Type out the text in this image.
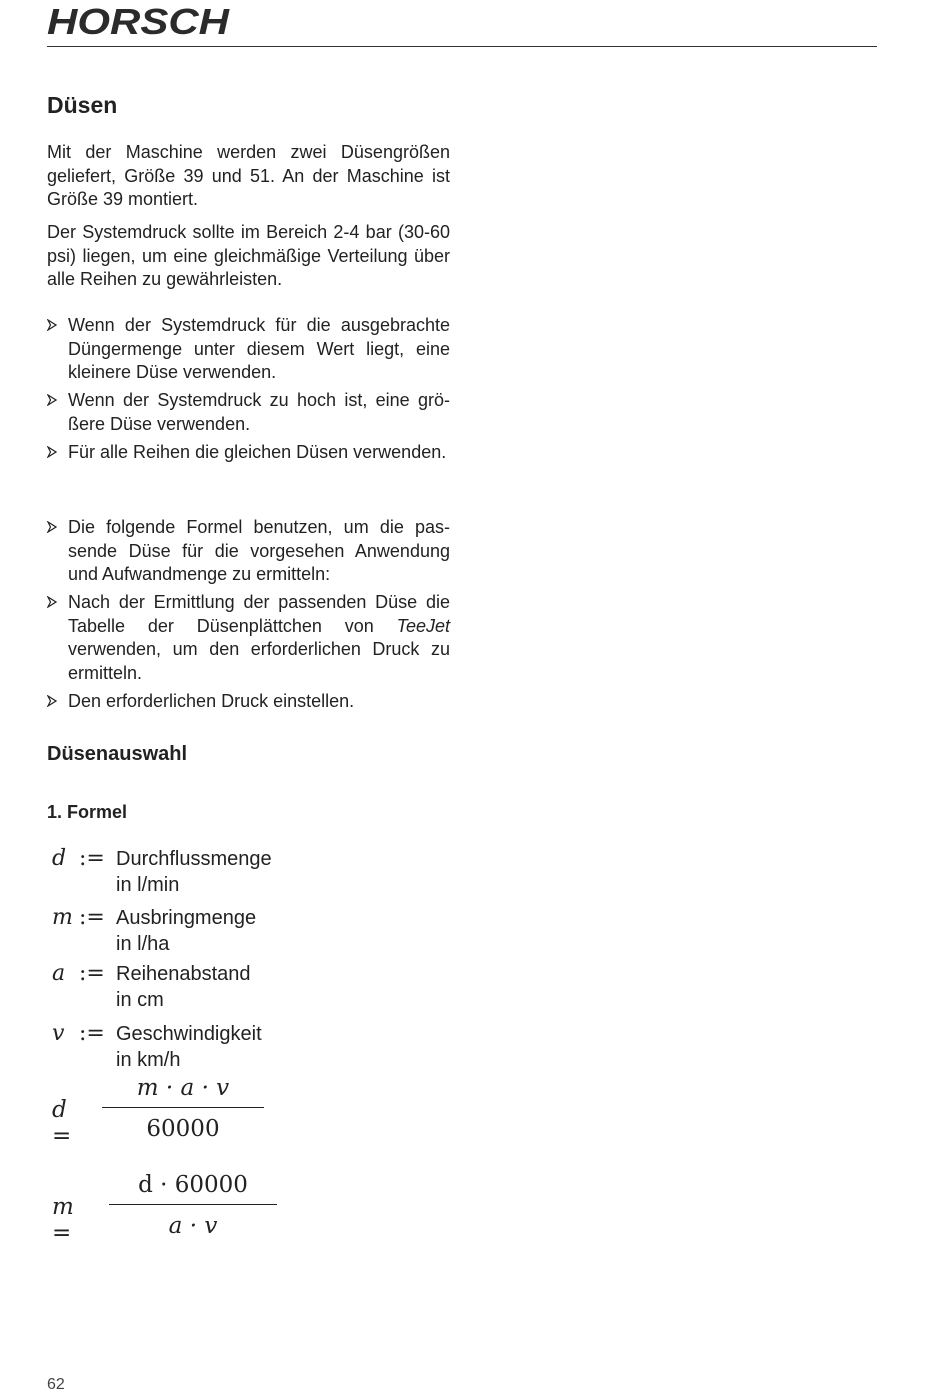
HORSCH
Düsen

Mit der Maschine werden zwei Düsengrößen geliefert, Größe 39 und 51. An der Maschine ist Größe 39 montiert.

Der Systemdruck sollte im Bereich 2-4 bar (30-60 psi) liegen, um eine gleichmäßige Verteilung über alle Reihen zu gewährleisten.

Wenn der Systemdruck für die ausgebrachte Düngermenge unter diesem Wert liegt, eine kleinere Düse verwenden.
Wenn der Systemdruck zu hoch ist, eine größere Düse verwenden.
Für alle Reihen die gleichen Düsen verwenden.
Die folgende Formel benutzen, um die passende Düse für die vorgesehen Anwendung und Aufwandmenge zu ermitteln:
Nach der Ermittlung der passenden Düse die Tabelle der Düsenplättchen von TeeJet verwenden, um den erforderlichen Druck zu ermitteln.
Den erforderlichen Druck einstellen.
Düsenauswahl
1. Formel
d := Durchflussmenge in l/min
m := Ausbringmenge in l/ha
a := Reihenabstand in cm
v := Geschwindigkeit in km/h
d =
m · a · v
60000
m =
d · 60000
a · v
62
